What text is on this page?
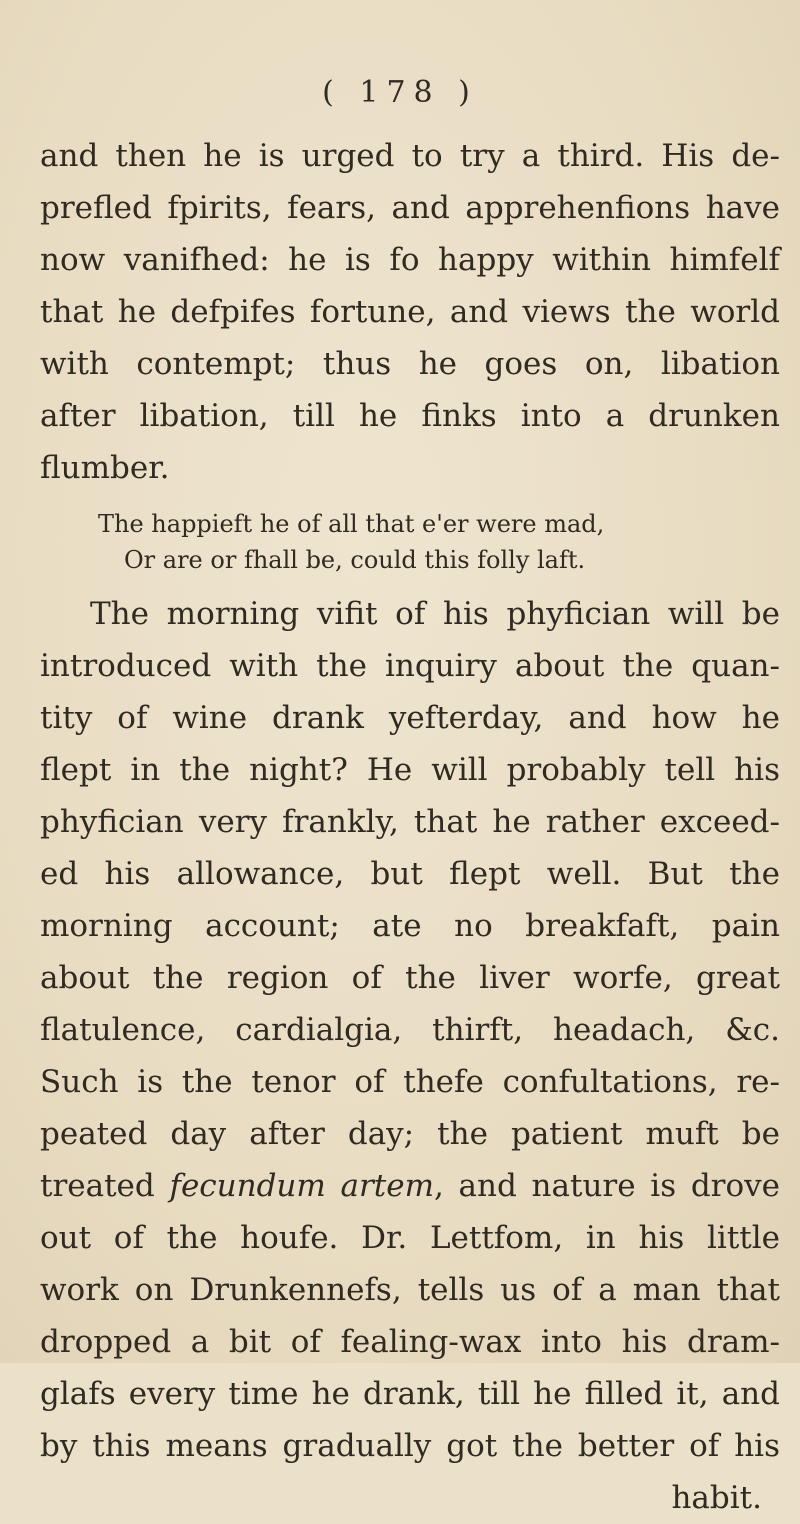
( 178 )
and then he is urged to try a third. His de-
prefled fpirits, fears, and apprehenfions have
now vanifhed: he is fo happy within himfelf
that he defpifes fortune, and views the world
with contempt; thus he goes on, libation
after libation, till he finks into a drunken
flumber.
The happieft he of all that e'er were mad,
Or are or fhall be, could this folly laft.
The morning vifit of his phyfician will be
introduced with the inquiry about the quan-
tity of wine drank yefterday, and how he
flept in the night? He will probably tell his
phyfician very frankly, that he rather exceed-
ed his allowance, but flept well. But the
morning account; ate no breakfaft, pain
about the region of the liver worfe, great
flatulence, cardialgia, thirft, headach, &c.
Such is the tenor of thefe confultations, re-
peated day after day; the patient muft be
treated fecundum artem, and nature is drove
out of the houfe. Dr. Lettfom, in his little
work on Drunkennefs, tells us of a man that
dropped a bit of fealing-wax into his dram-
glafs every time he drank, till he filled it, and
by this means gradually got the better of his
habit.
